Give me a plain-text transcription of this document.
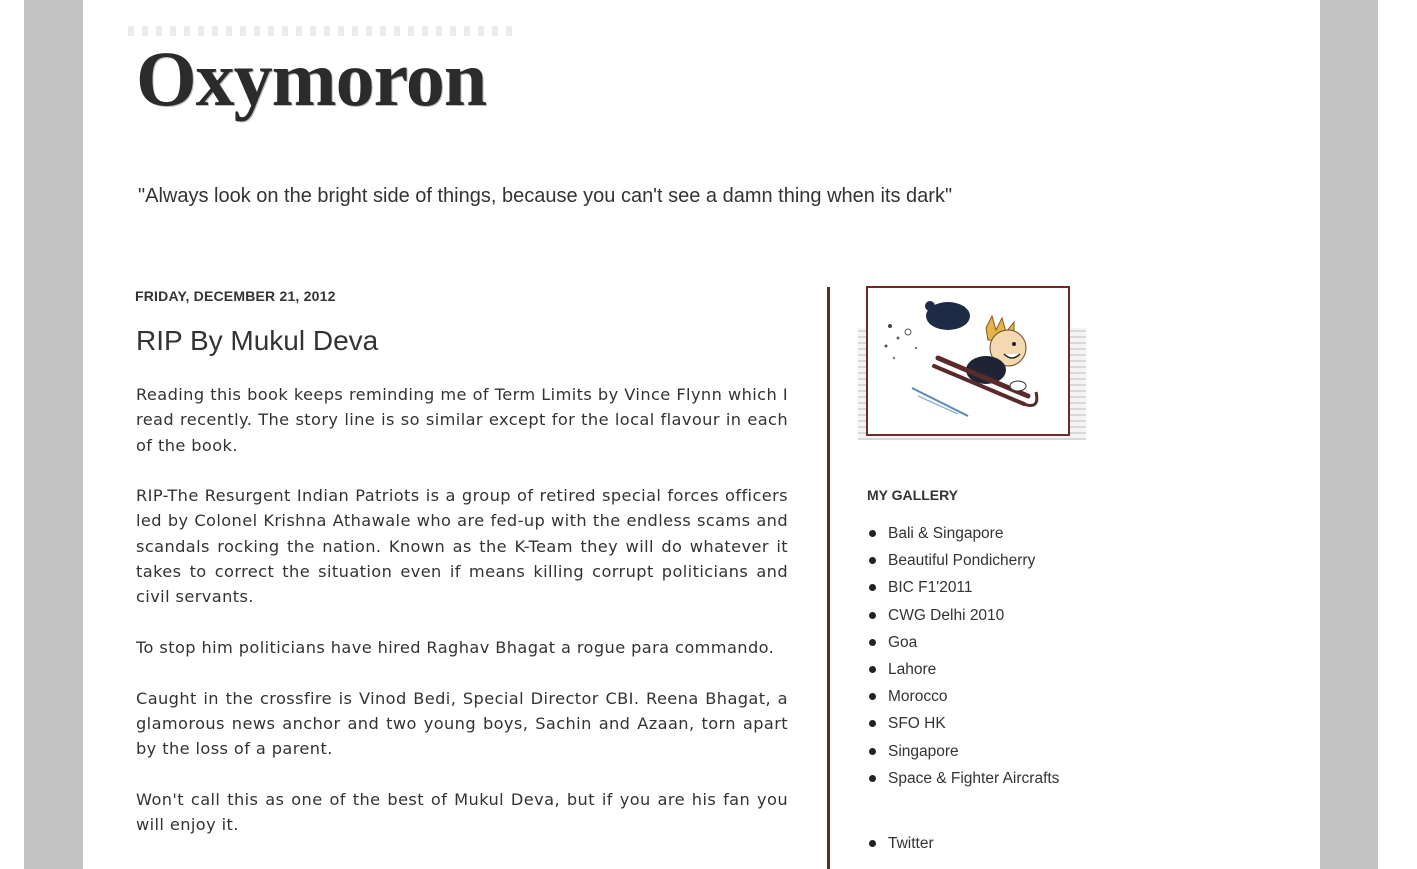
Oxymoron
"Always look on the bright side of things, because you can't see a damn thing when its dark"
FRIDAY, DECEMBER 21, 2012
RIP By Mukul Deva

Reading this book keeps reminding me of Term Limits by Vince Flynn which I read recently. The story line is so similar except for the local flavour in each of the book.

RIP-The Resurgent Indian Patriots is a group of retired special forces officers led by Colonel Krishna Athawale who are fed-up with the endless scams and scandals rocking the nation. Known as the K-Team they will do whatever it takes to correct the situation even if means killing corrupt politicians and civil servants.

To stop him politicians have hired Raghav Bhagat a rogue para commando.

Caught in the crossfire is Vinod Bedi, Special Director CBI. Reena Bhagat, a glamorous news anchor and two young boys, Sachin and Azaan, torn apart by the loss of a parent.

Won't call this as one of the best of Mukul Deva, but if you are his fan you will enjoy it.

MY GALLERY
Bali & Singapore
Beautiful Pondicherry
BIC F1'2011
CWG Delhi 2010
Goa
Lahore
Morocco
SFO HK
Singapore
Space & Fighter Aircrafts
Twitter
